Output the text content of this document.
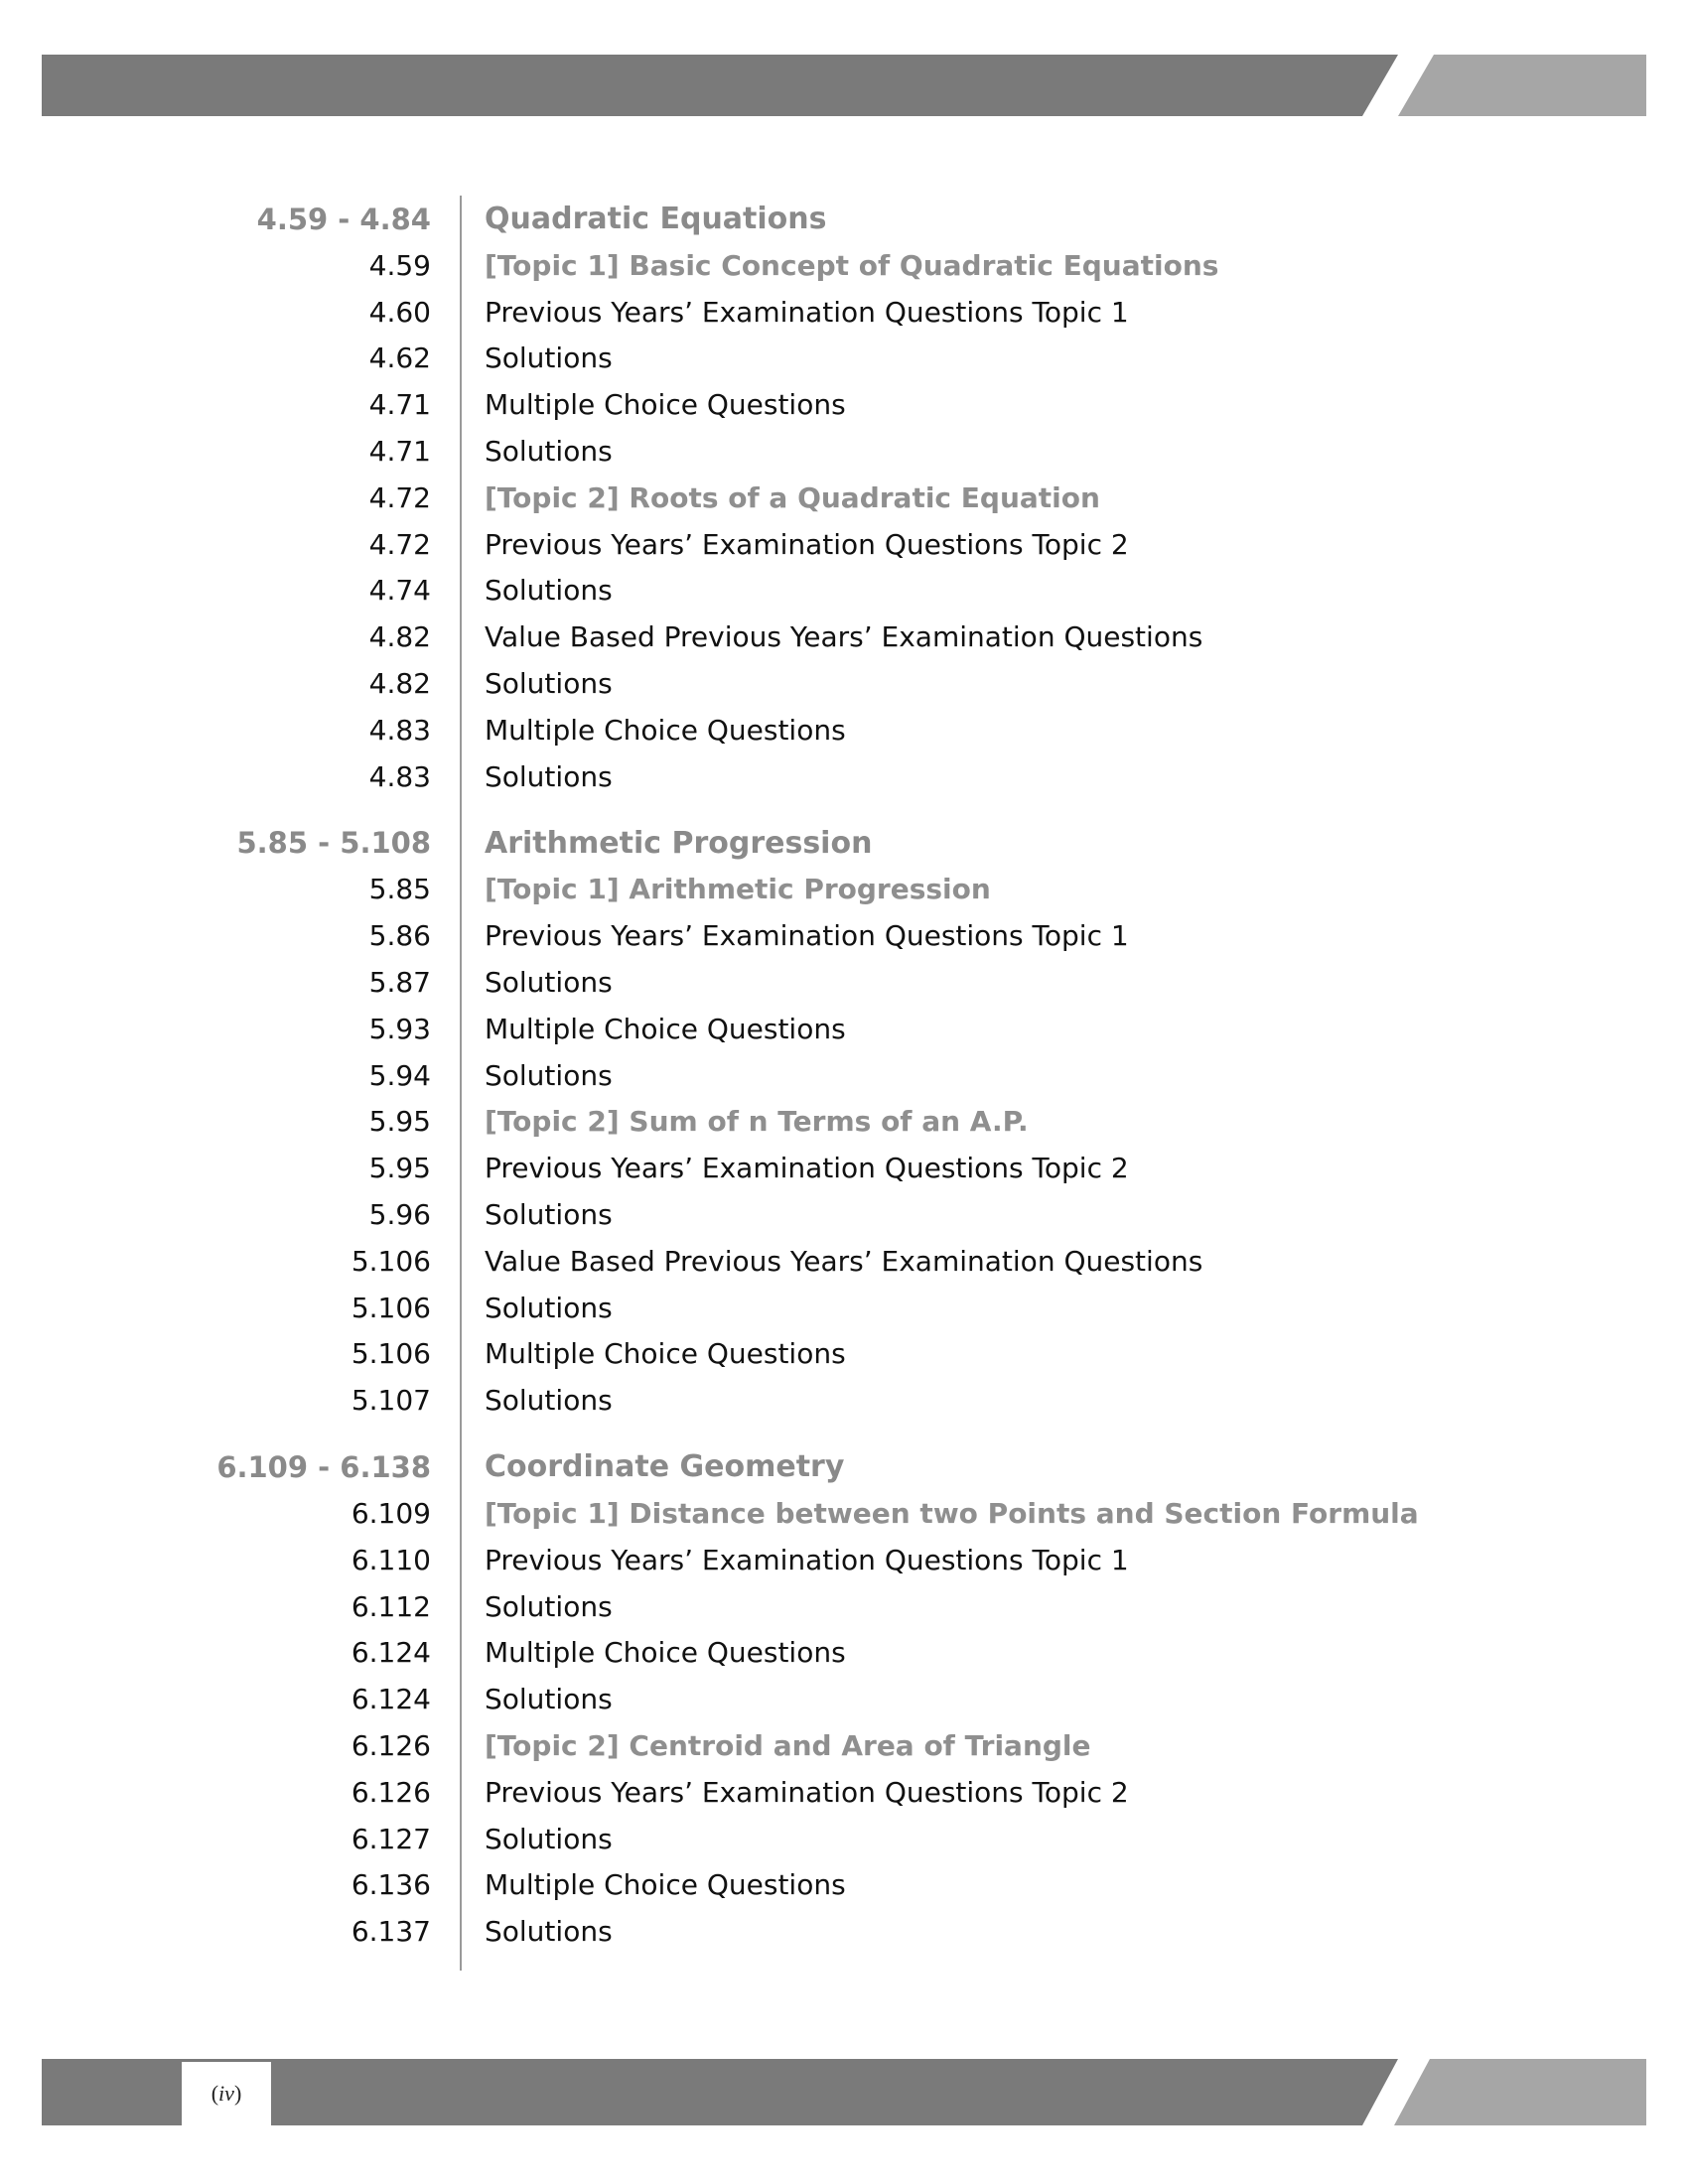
4.59 - 4.84 Quadratic Equations
4.59 [Topic 1] Basic Concept of Quadratic Equations
4.60 Previous Years’ Examination Questions Topic 1
4.62 Solutions
4.71 Multiple Choice Questions
4.71 Solutions
4.72 [Topic 2] Roots of a Quadratic Equation
4.72 Previous Years’ Examination Questions Topic 2
4.74 Solutions
4.82 Value Based Previous Years’ Examination Questions
4.82 Solutions
4.83 Multiple Choice Questions
4.83 Solutions
5.85 - 5.108 Arithmetic Progression
5.85 [Topic 1] Arithmetic Progression
5.86 Previous Years’ Examination Questions Topic 1
5.87 Solutions
5.93 Multiple Choice Questions
5.94 Solutions
5.95 [Topic 2] Sum of n Terms of an A.P.
5.95 Previous Years’ Examination Questions Topic 2
5.96 Solutions
5.106 Value Based Previous Years’ Examination Questions
5.106 Solutions
5.106 Multiple Choice Questions
5.107 Solutions
6.109 - 6.138 Coordinate Geometry
6.109 [Topic 1] Distance between two Points and Section Formula
6.110 Previous Years’ Examination Questions Topic 1
6.112 Solutions
6.124 Multiple Choice Questions
6.124 Solutions
6.126 [Topic 2] Centroid and Area of Triangle
6.126 Previous Years’ Examination Questions Topic 2
6.127 Solutions
6.136 Multiple Choice Questions
6.137 Solutions
( iv )
